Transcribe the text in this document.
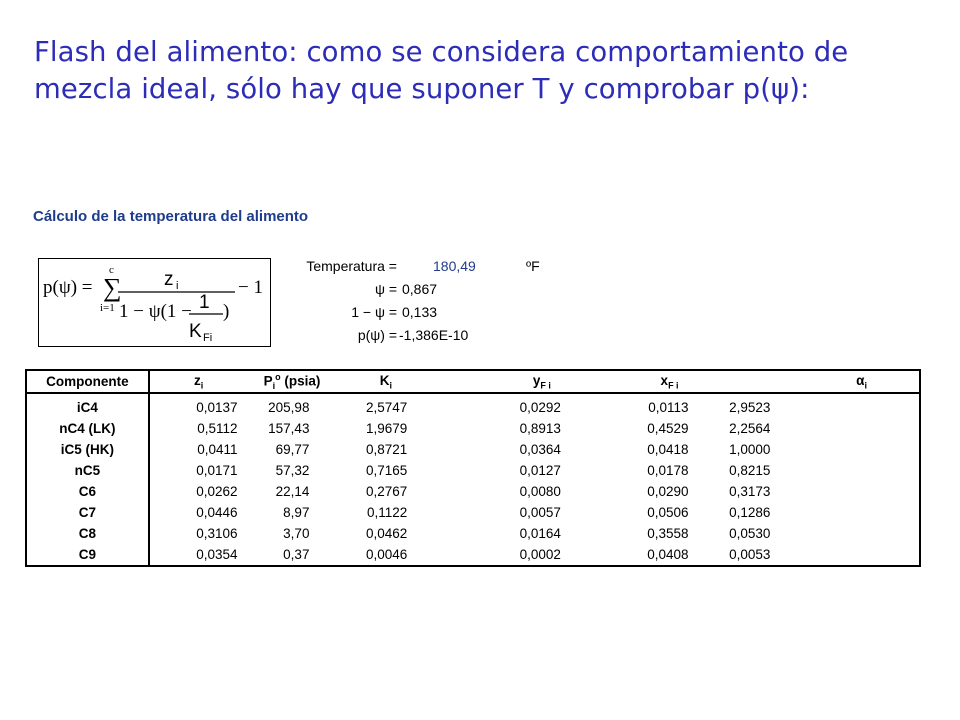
Flash del alimento: como se considera comportamiento de mezcla ideal, sólo hay que suponer T y comprobar p(ψ):
Cálculo de la temperatura del alimento
p(ψ) =
c
∑
i=1
z i
1 − ψ(1 − 1
K Fi
)
− 1
Temperatura =	180,49	ºF
ψ = 0,867
1 − ψ = 0,133
p(ψ) = -1,386E-10
Componente	$z_i$	$P_i^o$ (psia)	$K_i$	$y_{F i}$	$x_{F i}$		$\alpha_i$
iC4	0,0137	205,98	2,5747	0,0292	0,0113	2,9523	
nC4 (LK)	0,5112	157,43	1,9679	0,8913	0,4529	2,2564	
iC5 (HK)	0,0411	69,77	0,8721	0,0364	0,0418	1,0000	
nC5	0,0171	57,32	0,7165	0,0127	0,0178	0,8215	
C6	0,0262	22,14	0,2767	0,0080	0,0290	0,3173	
C7	0,0446	8,97	0,1122	0,0057	0,0506	0,1286	
C8	0,3106	3,70	0,0462	0,0164	0,3558	0,0530	
C9	0,0354	0,37	0,0046	0,0002	0,0408	0,0053	
